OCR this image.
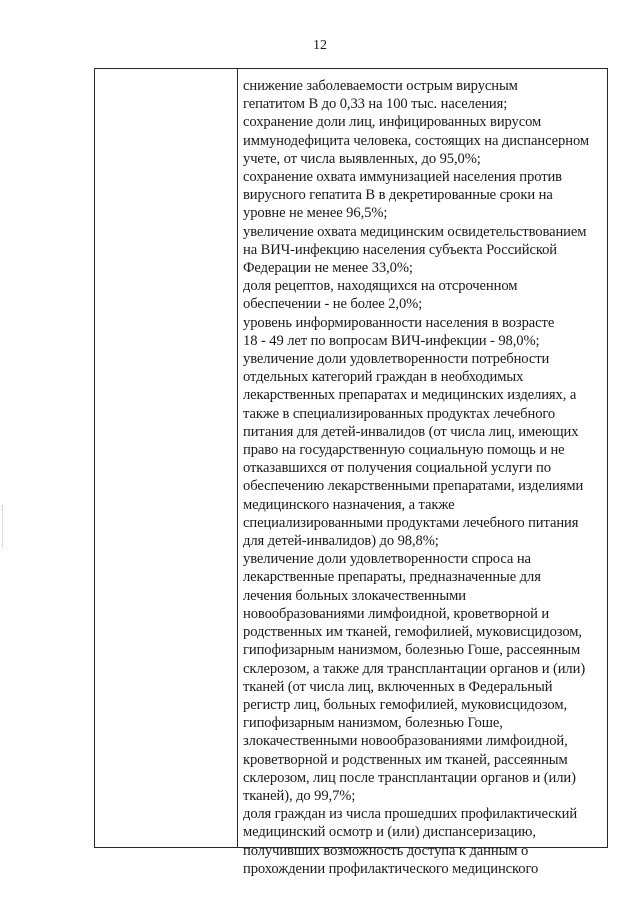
12
снижение заболеваемости острым вирусным
гепатитом В до 0,33 на 100 тыс. населения;
сохранение доли лиц, инфицированных вирусом
иммунодефицита человека, состоящих на диспансерном
учете, от числа выявленных, до 95,0%;
сохранение охвата иммунизацией населения против
вирусного гепатита В в декретированные сроки на
уровне не менее 96,5%;
увеличение охвата медицинским освидетельствованием
на ВИЧ-инфекцию населения субъекта Российской
Федерации не менее 33,0%;
доля рецептов, находящихся на отсроченном
обеспечении - не более 2,0%;
уровень информированности населения в возрасте
18 - 49 лет по вопросам ВИЧ-инфекции - 98,0%;
увеличение доли удовлетворенности потребности
отдельных категорий граждан в необходимых
лекарственных препаратах и медицинских изделиях, а
также в специализированных продуктах лечебного
питания для детей-инвалидов (от числа лиц, имеющих
право на государственную социальную помощь и не
отказавшихся от получения социальной услуги по
обеспечению лекарственными препаратами, изделиями
медицинского назначения, а также
специализированными продуктами лечебного питания
для детей-инвалидов) до 98,8%;
увеличение доли удовлетворенности спроса на
лекарственные препараты, предназначенные для
лечения больных злокачественными
новообразованиями лимфоидной, кроветворной и
родственных им тканей, гемофилией, муковисцидозом,
гипофизарным нанизмом, болезнью Гоше, рассеянным
склерозом, а также для трансплантации органов и (или)
тканей (от числа лиц, включенных в Федеральный
регистр лиц, больных гемофилией, муковисцидозом,
гипофизарным нанизмом, болезнью Гоше,
злокачественными новообразованиями лимфоидной,
кроветворной и родственных им тканей, рассеянным
склерозом, лиц после трансплантации органов и (или)
тканей), до 99,7%;
доля граждан из числа прошедших профилактический
медицинский осмотр и (или) диспансеризацию,
получивших возможность доступа к данным о
прохождении профилактического медицинского
